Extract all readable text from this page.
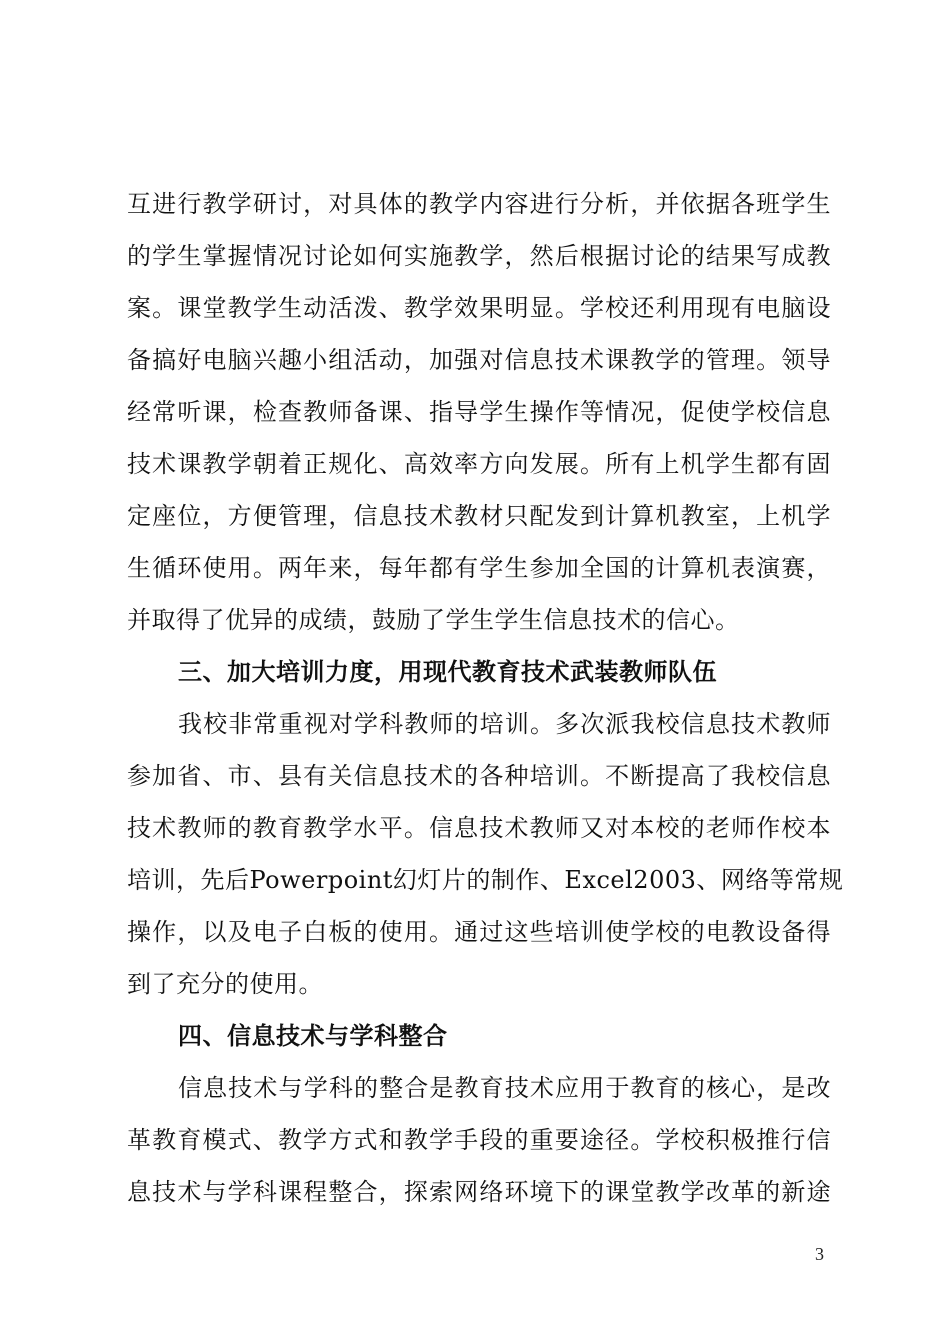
互进行教学研讨，对具体的教学内容进行分析，并依据各班学生
的学生掌握情况讨论如何实施教学，然后根据讨论的结果写成教
案。课堂教学生动活泼、教学效果明显。学校还利用现有电脑设
备搞好电脑兴趣小组活动，加强对信息技术课教学的管理。领导
经常听课，检查教师备课、指导学生操作等情况，促使学校信息
技术课教学朝着正规化、高效率方向发展。所有上机学生都有固
定座位，方便管理，信息技术教材只配发到计算机教室，上机学
生循环使用。两年来，每年都有学生参加全国的计算机表演赛，
并取得了优异的成绩，鼓励了学生学生信息技术的信心。
三、加大培训力度，用现代教育技术武装教师队伍
我校非常重视对学科教师的培训。多次派我校信息技术教师
参加省、市、县有关信息技术的各种培训。不断提高了我校信息
技术教师的教育教学水平。信息技术教师又对本校的老师作校本
培训，先后Powerpoint幻灯片的制作、Excel2003、网络等常规
操作，以及电子白板的使用。通过这些培训使学校的电教设备得
到了充分的使用。
四、信息技术与学科整合
信息技术与学科的整合是教育技术应用于教育的核心，是改
革教育模式、教学方式和教学手段的重要途径。学校积极推行信
息技术与学科课程整合，探索网络环境下的课堂教学改革的新途
3
